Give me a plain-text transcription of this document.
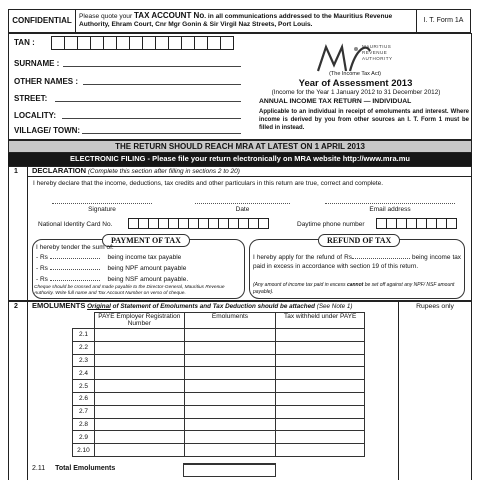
CONFIDENTIAL	Please quote your TAX ACCOUNT No. in all communications addressed to the Mauritius Revenue Authority, Ehram Court, Cnr Mgr Gonin & Sir Virgil Naz Streets, Port Louis.
I. T. Form 1A
TAN :
SURNAME :
OTHER NAMES :
STREET:
LOCALITY:
VILLAGE/ TOWN:
MAURITIUS
REVENUE
AUTHORITY
(The Income Tax Act)
Year of Assessment 2013
(Income for the Year 1 January 2012 to 31 December 2012)
ANNUAL INCOME TAX RETURN — INDIVIDUAL
Applicable to an individual in receipt of emoluments and interest. Where income is derived by you from other sources an I. T. Form 1 must be filled in instead.
THE RETURN SHOULD REACH MRA AT LATEST ON 1 APRIL 2013
ELECTRONIC FILING - Please file your return electronically on MRA website http://www.mra.mu
1	DECLARATION (Complete this section after filling in sections 2 to 20)
I hereby declare that the income, deductions, tax credits and other particulars in this return are true, correct and complete.
Signature	Date	Email address
National Identity Card No.	Daytime phone number
PAYMENT OF TAX
I hereby tender the sum of:
- Rs	being income tax payable
- Rs	being NPF amount payable
- Rs	being NSF amount payable.
Cheque should be crossed and made payable to the Director-General, Mauritius Revenue Authority. Write full name and Tax Account Number on verso of cheque.
REFUND OF TAX
I hereby apply for the refund of Rs	being income tax paid in excess in accordance with section 19 of this return.
(Any amount of income tax paid in excess cannot be set off against any NPF/ NSF amount payable).
2	Rupees only
EMOLUMENTS Original of Statement of Emoluments and Tax Deduction should be attached (See Note 1)
	PAYE Employer Registration Number	Emoluments	Tax withheld under PAYE
2.1			
2.2			
2.3			
2.4			
2.5			
2.6			
2.7			
2.8			
2.9			
2.10			
2.11 Total Emoluments
